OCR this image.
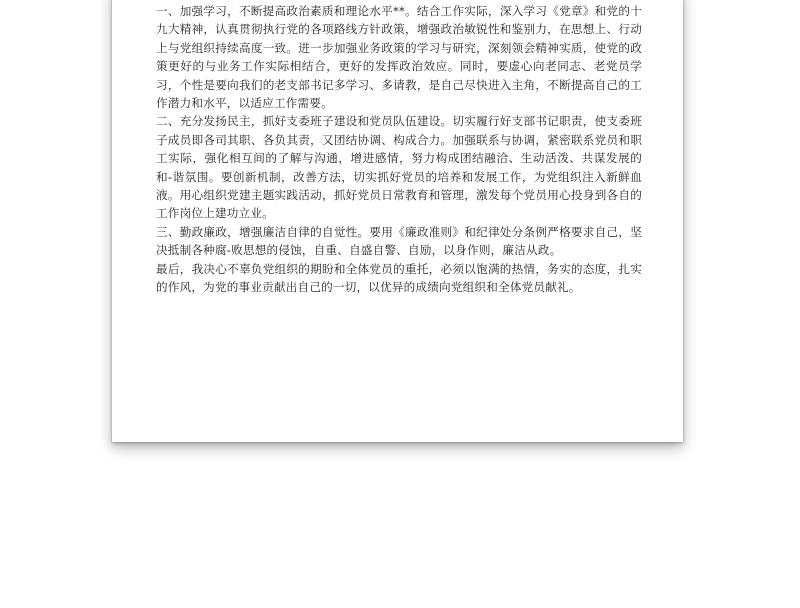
一、加强学习，不断提高政治素质和理论水平**。结合工作实际，深入学习《党章》和党的十九大精神，认真贯彻执行党的各项路线方针政策，增强政治敏锐性和鉴别力，在思想上、行动上与党组织持续高度一致。进一步加强业务政策的学习与研究，深刻领会精神实质，使党的政策更好的与业务工作实际相结合，更好的发挥政治效应。同时，要虚心向老同志、老党员学习，个性是要向我们的老支部书记多学习、多请教，是自己尽快进入主角，不断提高自己的工作潜力和水平，以适应工作需要。

二、充分发扬民主，抓好支委班子建设和党员队伍建设。切实履行好支部书记职责，使支委班子成员即各司其职、各负其责，又团结协调、构成合力。加强联系与协调，紧密联系党员和职工实际，强化相互间的了解与沟通，增进感情，努力构成团结融洽、生动活泼、共谋发展的和-谐氛围。要创新机制，改善方法，切实抓好党员的培养和发展工作，为党组织注入新鲜血液。用心组织党建主题实践活动，抓好党员日常教育和管理，激发每个党员用心投身到各自的工作岗位上建功立业。

三、勤政廉政，增强廉洁自律的自觉性。要用《廉政准则》和纪律处分条例严格要求自己，坚决抵制各种腐-败思想的侵蚀，自重、自盛自警、自励，以身作则，廉洁从政。

最后，我决心不辜负党组织的期盼和全体党员的重托，必须以饱满的热情，务实的态度，扎实的作风，为党的事业贡献出自己的一切，以优异的成绩向党组织和全体党员献礼。
